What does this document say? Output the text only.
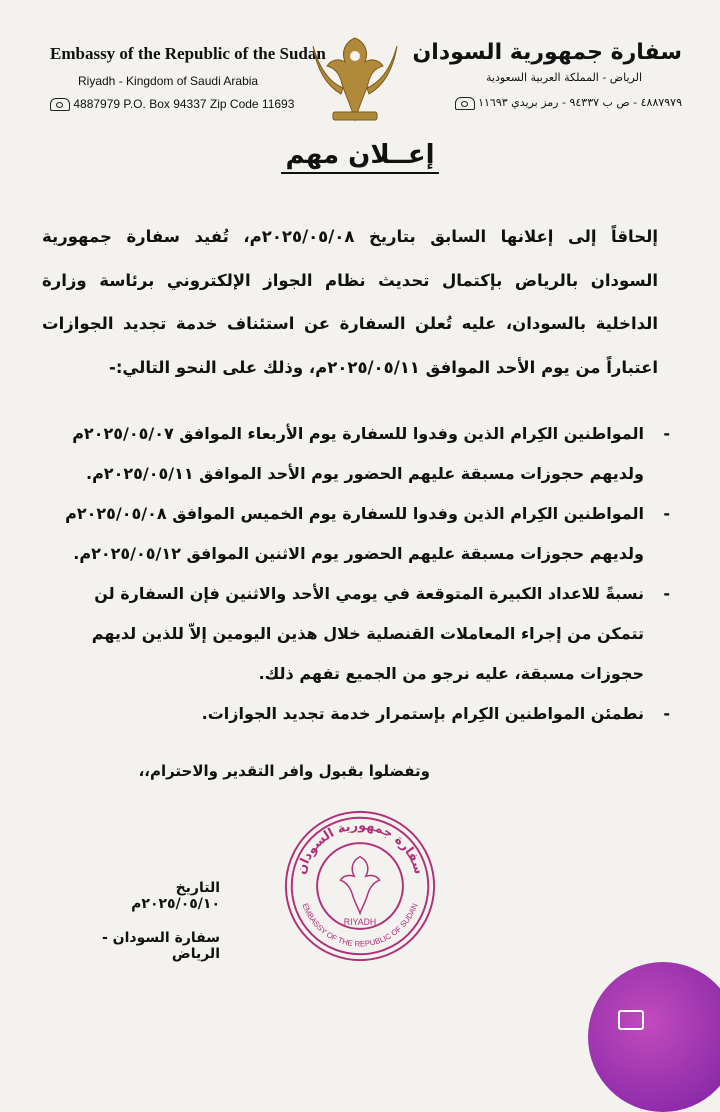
Embassy of the Republic of the Sudan
Riyadh - Kingdom of Saudi Arabia
4887979 P.O. Box 94337 Zip Code 11693
سفارة جمهورية السودان
الرياض - المملكة العربية السعودية
٤٨٨٧٩٧٩ - ص ب ٩٤٣٣٧ - رمز بريدي ١١٦٩٣
إعــلان مهم
إلحاقاً إلى إعلانها السابق بتاريخ ٢٠٢٥/٠٥/٠٨م، تُفيد سفارة جمهورية السودان بالرياض بإكتمال تحديث نظام الجواز الإلكتروني برئاسة وزارة الداخلية بالسودان، عليه تُعلن السفارة عن استئناف خدمة تجديد الجوازات اعتباراً من يوم الأحد الموافق ٢٠٢٥/٠٥/١١م، وذلك على النحو التالي:-
-
المواطنين الكِرام الذين وفدوا للسفارة يوم الأربعاء الموافق ٢٠٢٥/٠٥/٠٧م ولديهم حجوزات مسبقة عليهم الحضور يوم الأحد الموافق ٢٠٢٥/٠٥/١١م.
-
المواطنين الكِرام الذين وفدوا للسفارة يوم الخميس الموافق ٢٠٢٥/٠٥/٠٨م ولديهم حجوزات مسبقة عليهم الحضور يوم الاثنين الموافق ٢٠٢٥/٠٥/١٢م.
-
نسبةً للاعداد الكبيرة المتوقعة في يومي الأحد والاثنين فإن السفارة لن تتمكن من إجراء المعاملات القنصلية خلال هذين اليومين إلاّ للذين لديهم حجوزات مسبقة، عليه نرجو من الجميع تفهم ذلك.
-
نطمئن المواطنين الكِرام بإستمرار خدمة تجديد الجوازات.
وتفضلوا بقبول وافر التقدير والاحترام،،
سفارة جمهورية السودان
EMBASSY OF THE REPUBLIC OF SUDAN
RIYADH
التاريخ ٢٠٢٥/٠٥/١٠م
سفارة السودان - الرياض
